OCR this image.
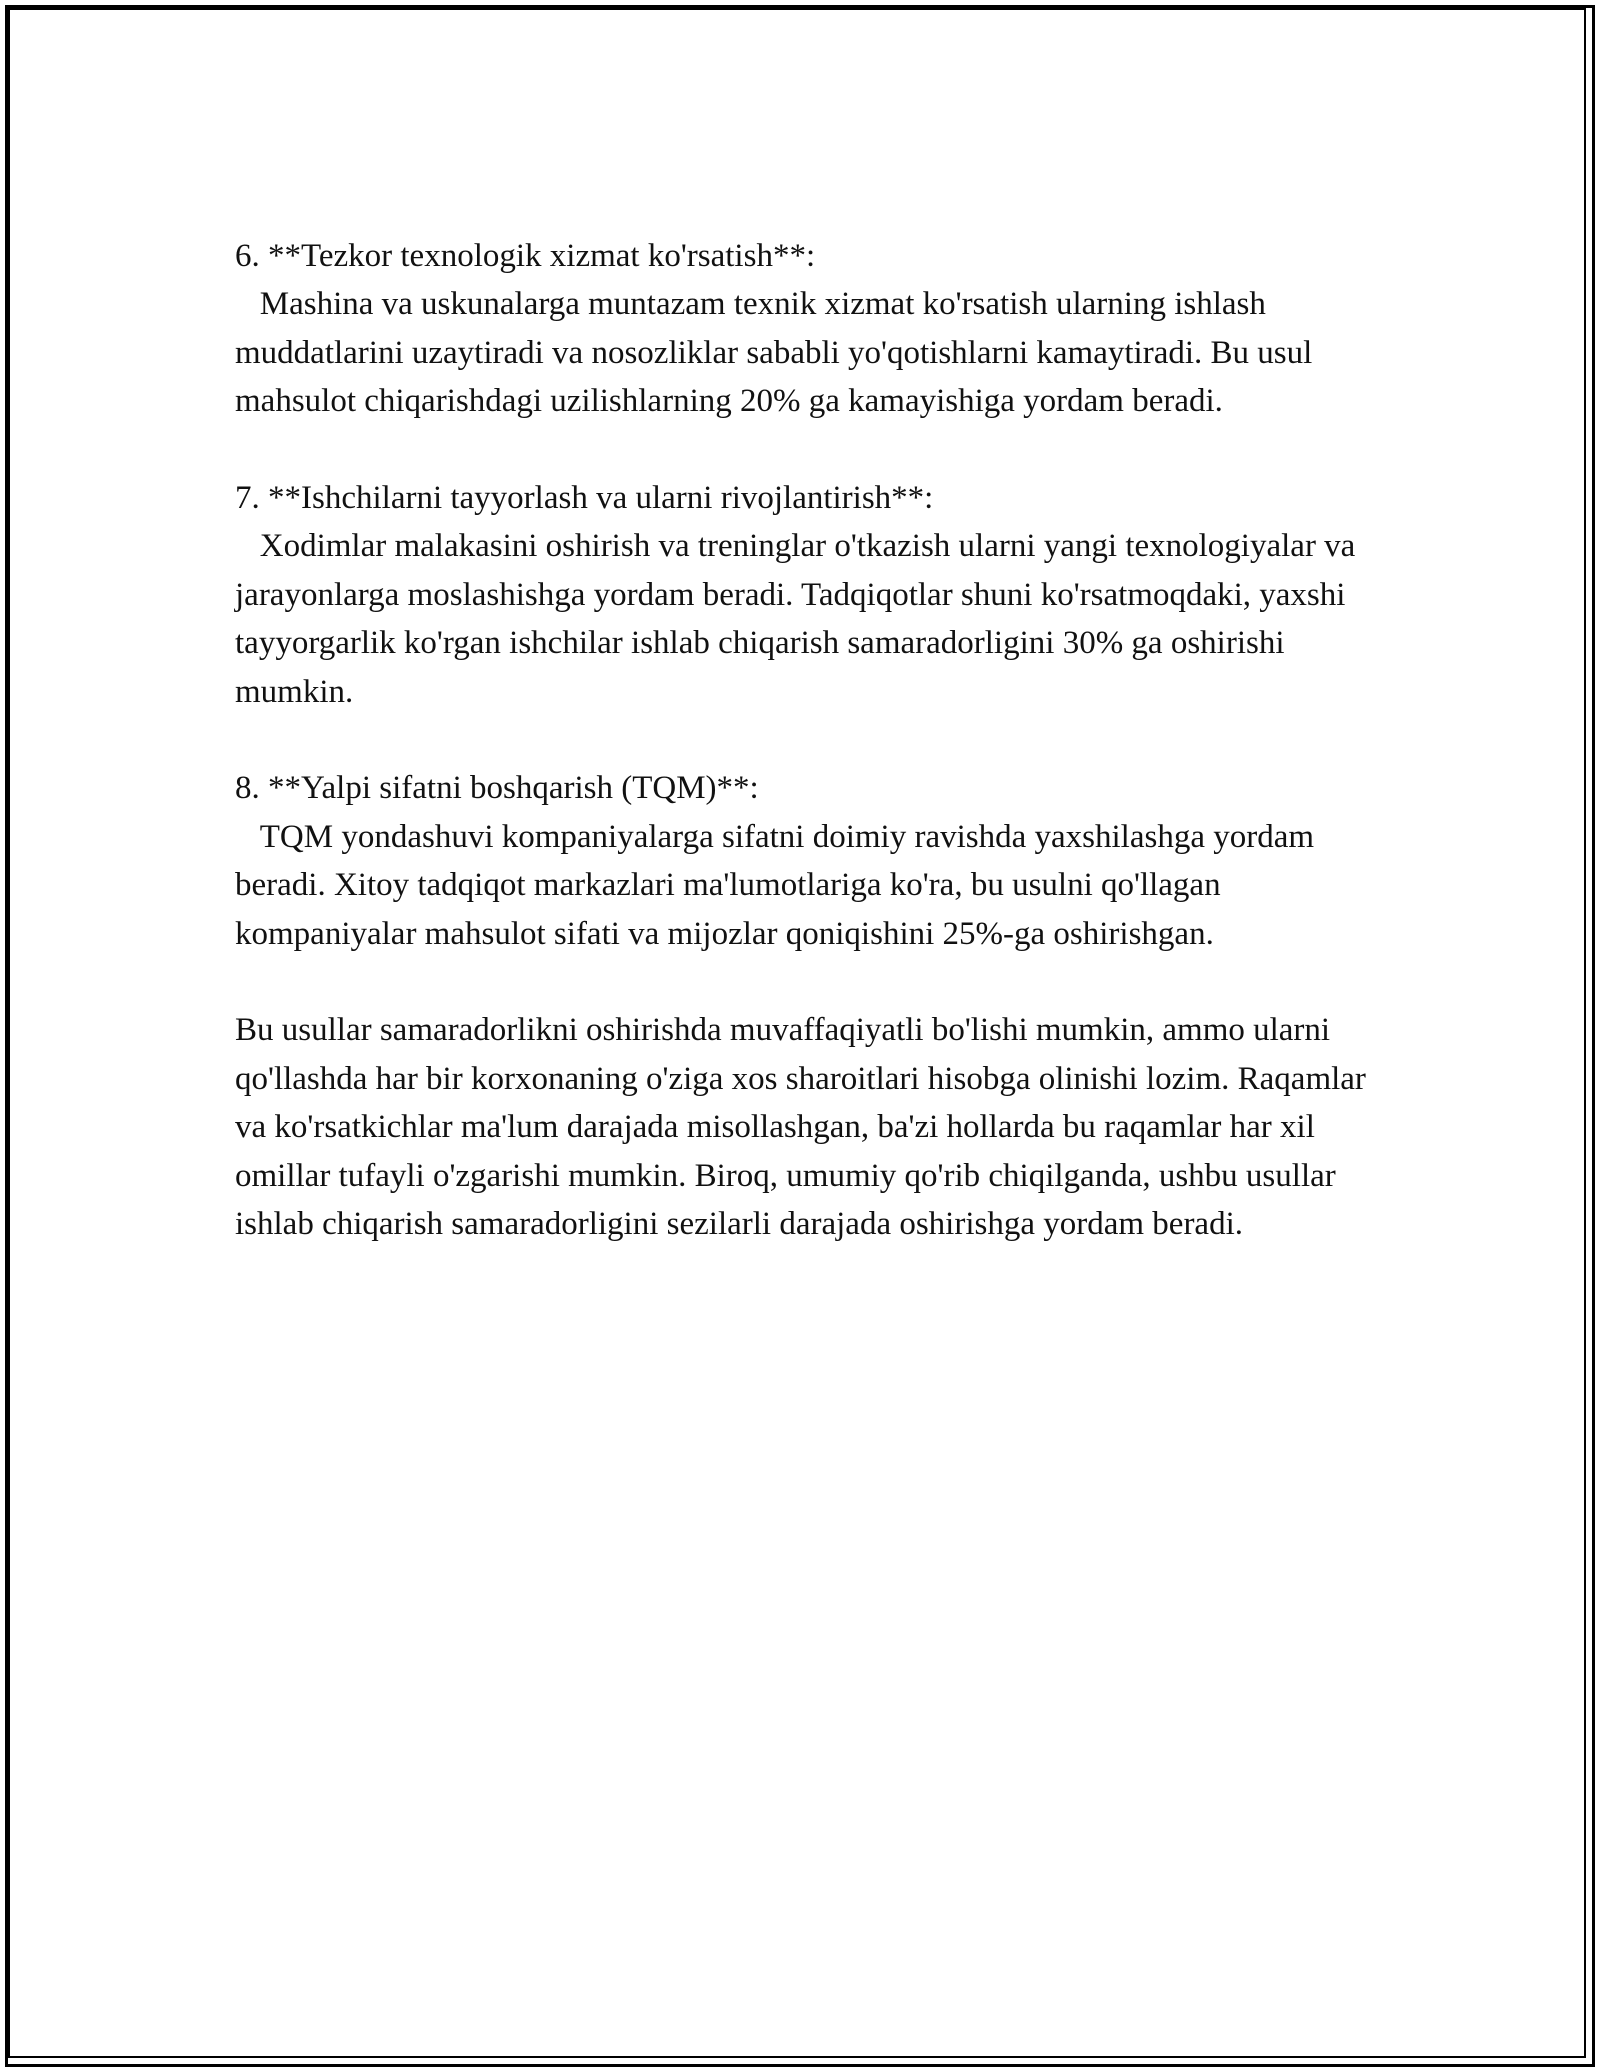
6. **Tezkor texnologik xizmat ko'rsatish**:

Mashina va uskunalarga muntazam texnik xizmat ko'rsatish ularning ishlash muddatlarini uzaytiradi va nosozliklar sababli yo'qotishlarni kamaytiradi. Bu usul mahsulot chiqarishdagi uzilishlarning 20% ga kamayishiga yordam beradi.

7. **Ishchilarni tayyorlash va ularni rivojlantirish**:

Xodimlar malakasini oshirish va treninglar o'tkazish ularni yangi texnologiyalar va jarayonlarga moslashishga yordam beradi. Tadqiqotlar shuni ko'rsatmoqdaki, yaxshi tayyorgarlik ko'rgan ishchilar ishlab chiqarish samaradorligini 30% ga oshirishi mumkin.

8. **Yalpi sifatni boshqarish (TQM)**:

TQM yondashuvi kompaniyalarga sifatni doimiy ravishda yaxshilashga yordam beradi. Xitoy tadqiqot markazlari ma'lumotlariga ko'ra, bu usulni qo'llagan kompaniyalar mahsulot sifati va mijozlar qoniqishini 25%-ga oshirishgan.

Bu usullar samaradorlikni oshirishda muvaffaqiyatli bo'lishi mumkin, ammo ularni qo'llashda har bir korxonaning o'ziga xos sharoitlari hisobga olinishi lozim. Raqamlar va ko'rsatkichlar ma'lum darajada misollashgan, ba'zi hollarda bu raqamlar har xil omillar tufayli o'zgarishi mumkin. Biroq, umumiy qo'rib chiqilganda, ushbu usullar ishlab chiqarish samaradorligini sezilarli darajada oshirishga yordam beradi.
